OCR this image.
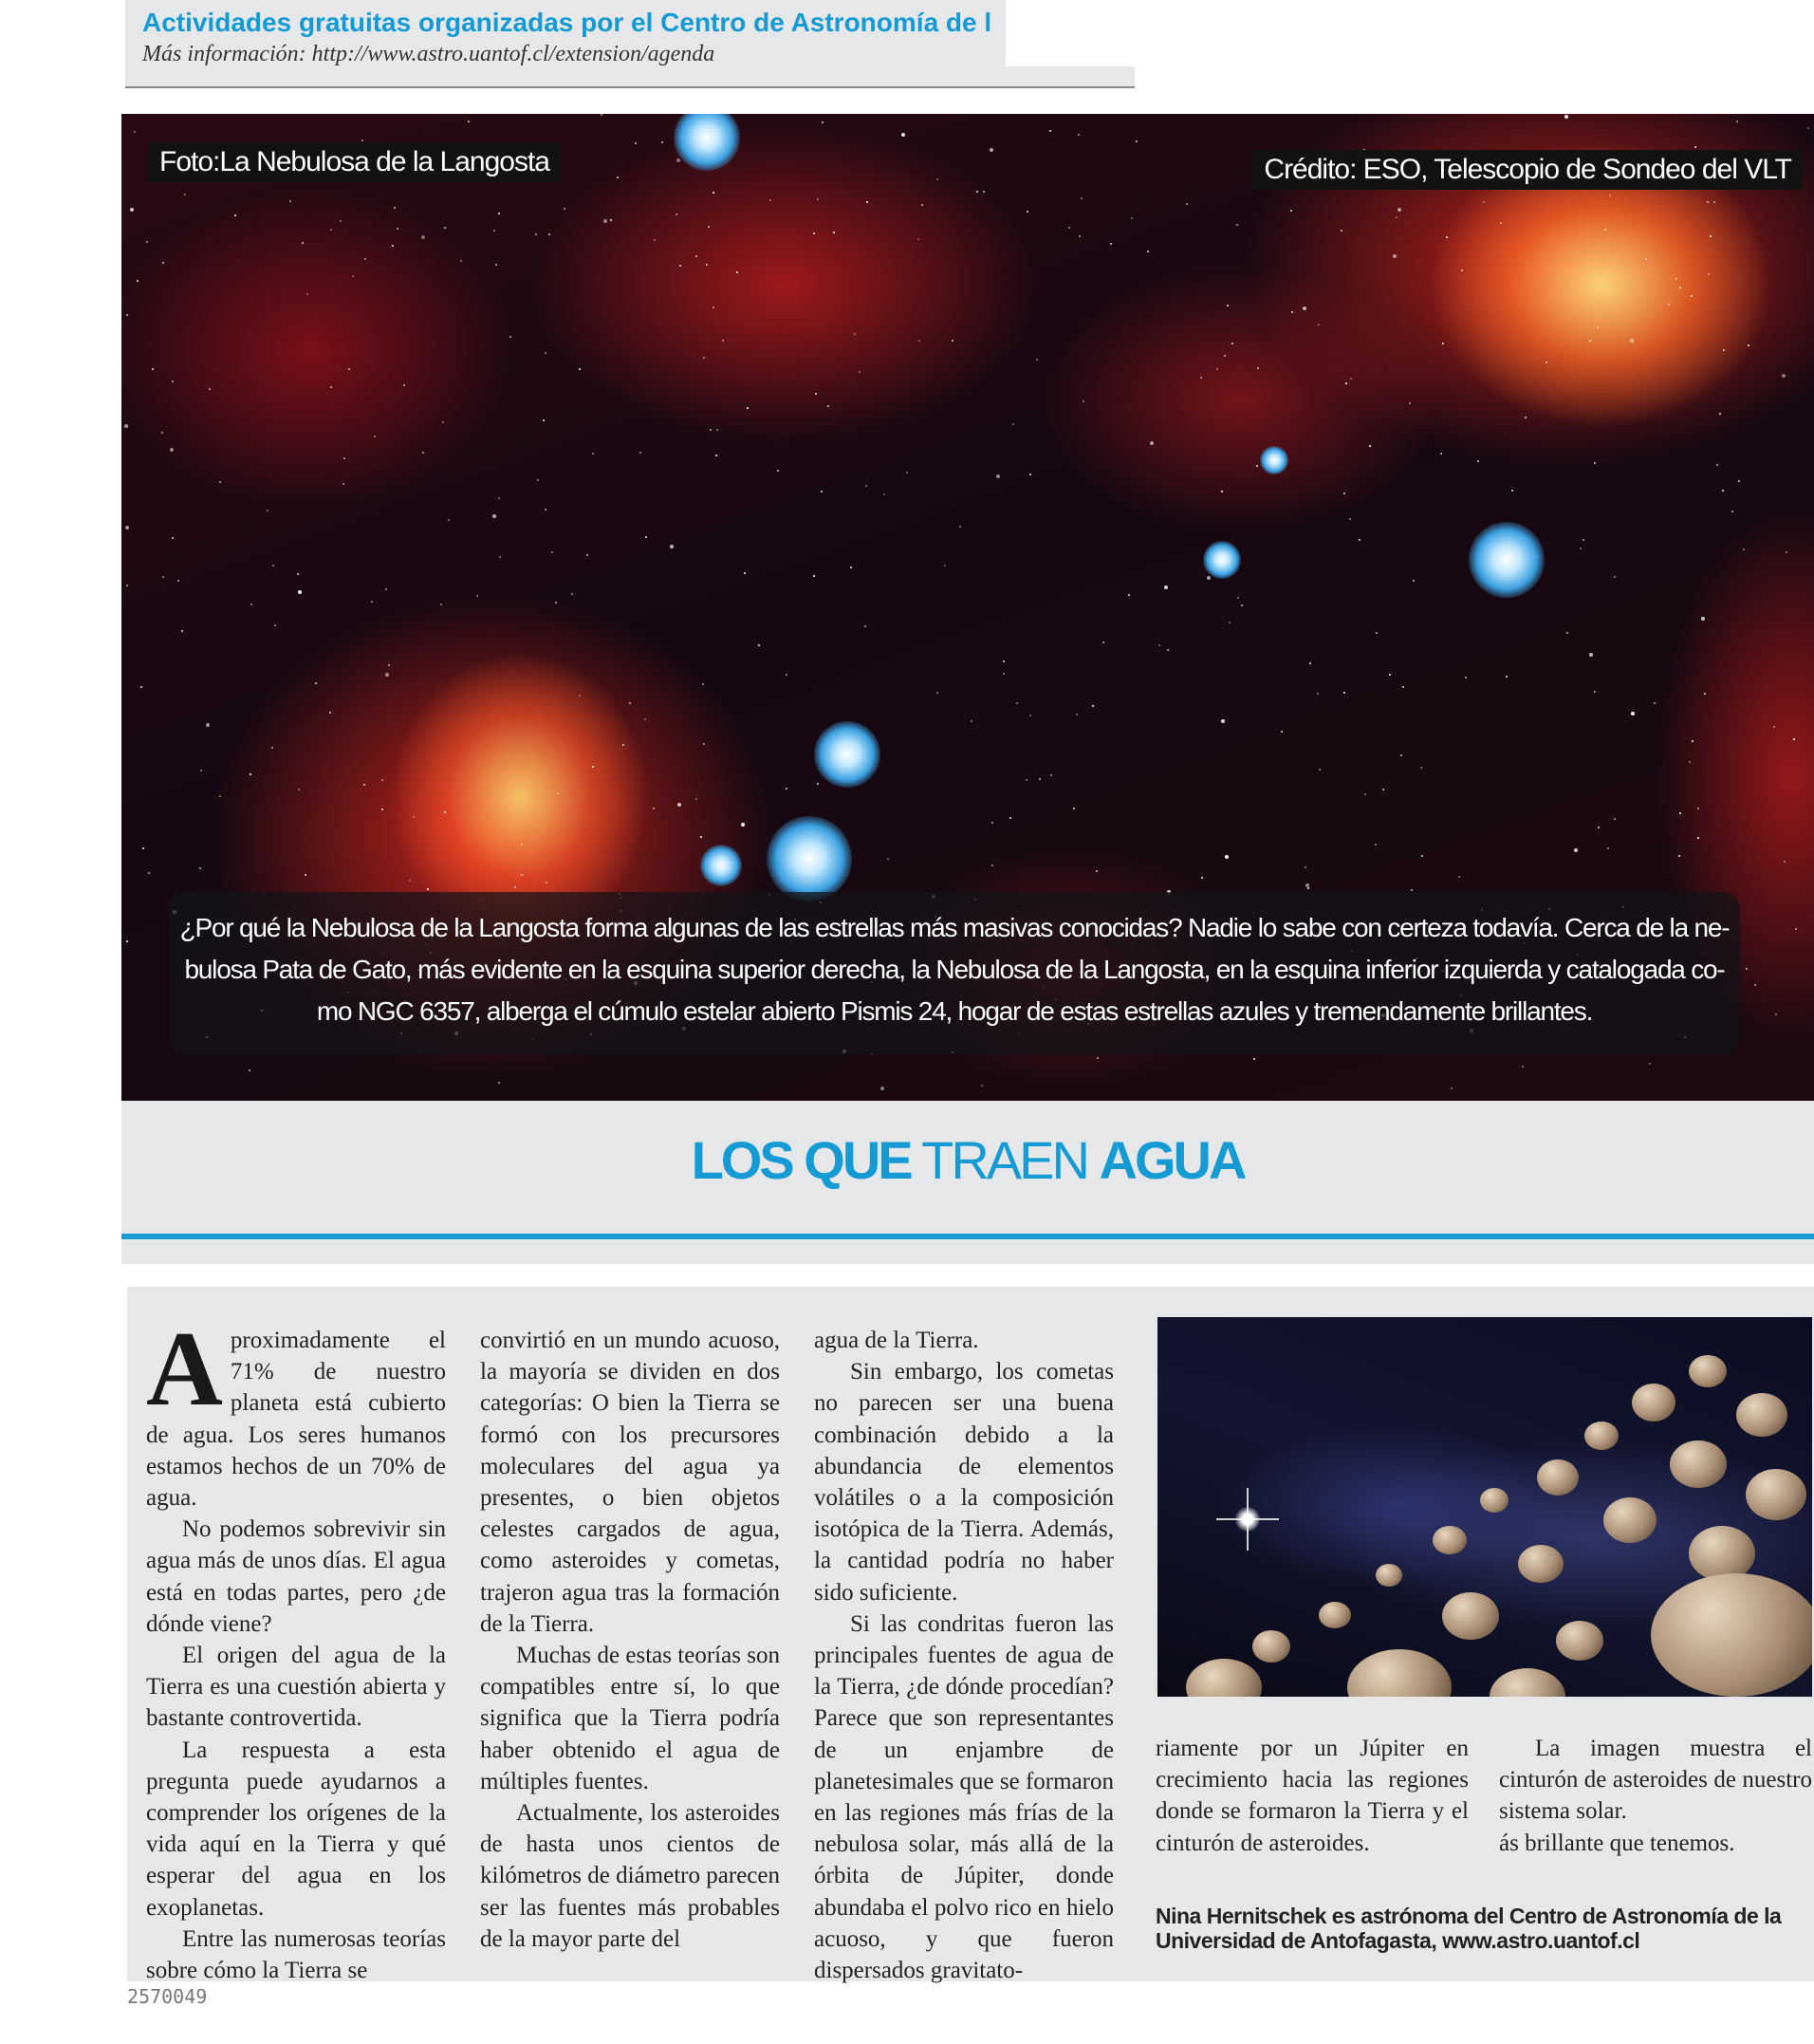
Actividades gratuitas organizadas por el Centro de Astronomía de l
Más información: http://www.astro.uantof.cl/extension/agenda
Foto:La Nebulosa de la Langosta	Crédito: ESO, Telescopio de Sondeo del VLT
¿Por qué la Nebulosa de la Langosta forma algunas de las estrellas más masivas conocidas? Nadie lo sabe con certeza todavía. Cerca de la ne-
bulosa Pata de Gato, más evidente en la esquina superior derecha, la Nebulosa de la Langosta, en la esquina inferior izquierda y catalogada co-
mo NGC 6357, alberga el cúmulo estelar abierto Pismis 24, hogar de estas estrellas azules y tremendamente brillantes.
LOS QUE TRAEN AGUA
A proximadamente el 71% de nuestro planeta está cubierto de agua. Los seres humanos estamos hechos de un 70% de agua.

No podemos sobrevivir sin agua más de unos días. El agua está en todas partes, pero ¿de dónde viene?

El origen del agua de la Tierra es una cuestión abierta y bastante controvertida.

La respuesta a esta pregunta puede ayudarnos a comprender los orígenes de la vida aquí en la Tierra y qué esperar del agua en los exoplanetas.

Entre las numerosas teorías sobre cómo la Tierra se

convirtió en un mundo acuoso, la mayoría se dividen en dos categorías: O bien la Tierra se formó con los precursores moleculares del agua ya presentes, o bien objetos celestes cargados de agua, como asteroides y cometas, trajeron agua tras la formación de la Tierra.

Muchas de estas teorías son compatibles entre sí, lo que significa que la Tierra podría haber obtenido el agua de múltiples fuentes.

Actualmente, los asteroides de hasta unos cientos de kilómetros de diámetro parecen ser las fuentes más probables de la mayor parte del

agua de la Tierra.

Sin embargo, los cometas no parecen ser una buena combinación debido a la abundancia de elementos volátiles o a la composición isotópica de la Tierra. Además, la cantidad podría no haber sido suficiente.

Si las condritas fueron las principales fuentes de agua de la Tierra, ¿de dónde procedían? Parece que son representantes de un enjambre de planetesimales que se formaron en las regiones más frías de la nebulosa solar, más allá de la órbita de Júpiter, donde abundaba el polvo rico en hielo acuoso, y que fueron dispersados gravitato-

riamente por un Júpiter en crecimiento hacia las regiones donde se formaron la Tierra y el cinturón de asteroides.

La imagen muestra el cinturón de asteroides de nuestro sistema solar.

ás brillante que tenemos.

Nina Hernitschek es astrónoma del Centro de Astronomía de la Universidad de Antofagasta, www.astro.uantof.cl
2570049
